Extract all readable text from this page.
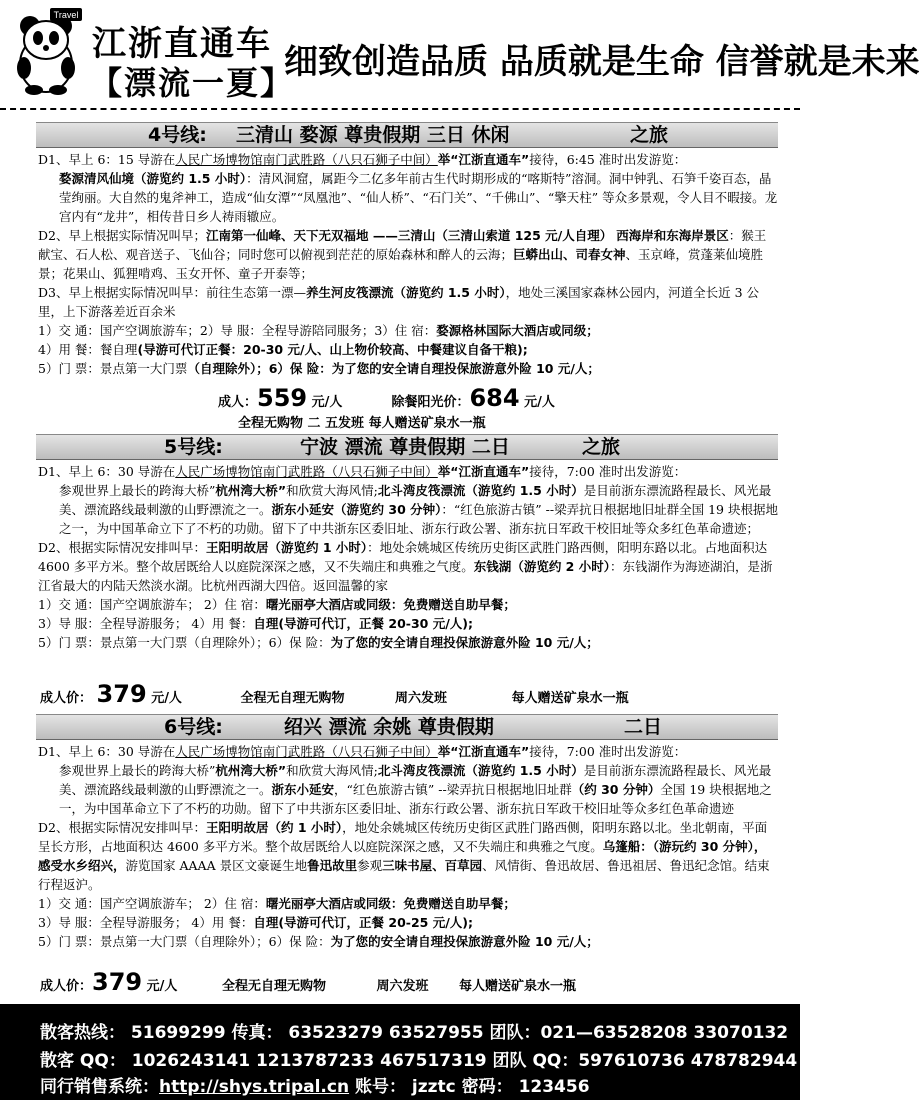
Travel
江浙直通车
【漂流一夏】
细致创造品质 品质就是生命 信誉就是未来
4号线: 三清山 婺源 尊贵假期 三日 休闲	之旅

D1、早上 6：15 导游在人民广场博物馆南门武胜路（八只石狮子中间）举“江浙直通车”接待，6:45 准时出发游览：

婺源清风仙境（游览约 1.5 小时）：清风洞窟，属距今二亿多年前古生代时期形成的“喀斯特”溶洞。洞中钟乳、石笋千姿百态，晶莹绚丽。大自然的鬼斧神工，造成“仙女潭”“凤凰池”、“仙人桥”、“石门关”、“千佛山”、“擎天柱” 等众多景观，令人目不暇接。龙宫内有“龙井”，相传昔日乡人祷雨辙应。

D2、早上根据实际情况叫早；江南第一仙峰、天下无双福地 ——三清山（三清山索道 125 元/人自理） 西海岸和东海岸景区：猴王献宝、石人松、观音送子、飞仙谷；同时您可以俯视到茫茫的原始森林和醉人的云海；巨蟒出山、司春女神、玉京峰，赏蓬莱仙境胜景；花果山、狐狸啃鸡、玉女开怀、童子开泰等；

D3、早上根据实际情况叫早：前往生态第一漂—养生河皮筏漂流（游览约 1.5 小时），地处三溪国家森林公园内，河道全长近 3 公里，上下游落差近百余米

1）交 通：国产空调旅游车；2）导 服：全程导游陪同服务；3）住 宿：婺源格林国际大酒店或同级；

4）用 餐：餐自理(导游可代订正餐：20-30 元/人、山上物价较高、中餐建议自备干粮);

5）门 票：景点第一大门票（自理除外）；6）保 险：为了您的安全请自理投保旅游意外险 10 元/人；

成人：559 元/人	除餐阳光价：684 元/人
全程无购物 二 五发班 每人赠送矿泉水一瓶
5号线:	宁波 漂流 尊贵假期 二日	之旅

D1、早上 6：30 导游在人民广场博物馆南门武胜路（八只石狮子中间）举“江浙直通车”接待，7:00 准时出发游览：

参观世界上最长的跨海大桥”杭州湾大桥”和欣赏大海风情;北斗湾皮筏漂流（游览约 1.5 小时）是目前浙东漂流路程最长、风光最美、漂流路线最刺激的山野漂流之一。浙东小延安（游览约 30 分钟）：“红色旅游古镇” --梁弄抗日根据地旧址群全国 19 块根据地之一，为中国革命立下了不朽的功勋。留下了中共浙东区委旧址、浙东行政公署、浙东抗日军政干校旧址等众多红色革命遗迹；

D2、根据实际情况安排叫早：王阳明故居（游览约 1 小时）：地处余姚城区传统历史街区武胜门路西侧，阳明东路以北。占地面积达 4600 多平方米。整个故居既给人以庭院深深之感，又不失端庄和典雅之气度。东钱湖（游览约 2 小时）：东钱湖作为海迹湖泊，是浙江省最大的内陆天然淡水湖。比杭州西湖大四倍。返回温馨的家

1）交 通：国产空调旅游车； 2）住 宿：曙光丽亭大酒店或同级：免费赠送自助早餐；

3）导 服：全程导游服务； 4）用 餐：自理(导游可代订，正餐 20-30 元/人);

5）门 票：景点第一大门票（自理除外）；6）保 险：为了您的安全请自理投保旅游意外险 10 元/人；

成人价： 379 元/人	全程无自理无购物	周六发班	每人赠送矿泉水一瓶
6号线:	绍兴 漂流 余姚 尊贵假期	二日

D1、早上 6：30 导游在人民广场博物馆南门武胜路（八只石狮子中间）举“江浙直通车”接待，7:00 准时出发游览：

参观世界上最长的跨海大桥”杭州湾大桥”和欣赏大海风情;北斗湾皮筏漂流（游览约 1.5 小时）是目前浙东漂流路程最长、风光最美、漂流路线最刺激的山野漂流之一。浙东小延安，“红色旅游古镇” --梁弄抗日根据地旧址群（约 30 分钟）全国 19 块根据地之一，为中国革命立下了不朽的功勋。留下了中共浙东区委旧址、浙东行政公署、浙东抗日军政干校旧址等众多红色革命遗迹

D2、根据实际情况安排叫早：王阳明故居（约 1 小时），地处余姚城区传统历史街区武胜门路西侧，阳明东路以北。坐北朝南，平面呈长方形，占地面积达 4600 多平方米。整个故居既给人以庭院深深之感，又不失端庄和典雅之气度。乌篷船：（游玩约 30 分钟），感受水乡绍兴，游览国家 AAAA 景区文豪诞生地鲁迅故里参观三味书屋、百草园、风情街、鲁迅故居、鲁迅祖居、鲁迅纪念馆。结束行程返沪。

1）交 通：国产空调旅游车； 2）住 宿：曙光丽亭大酒店或同级：免费赠送自助早餐；

3）导 服：全程导游服务； 4）用 餐：自理(导游可代订，正餐 20-25 元/人);

5）门 票：景点第一大门票（自理除外）；6）保 险：为了您的安全请自理投保旅游意外险 10 元/人；

成人价：379 元/人	全程无自理无购物	周六发班 每人赠送矿泉水一瓶
散客热线： 51699299 传真： 63523279 63527955 团队：021—63528208 33070132
散客 QQ： 1026243141 1213787233 467517319 团队 QQ：597610736 478782944
同行销售系统：http://shys.tripal.cn 账号： jzztc 密码： 123456
